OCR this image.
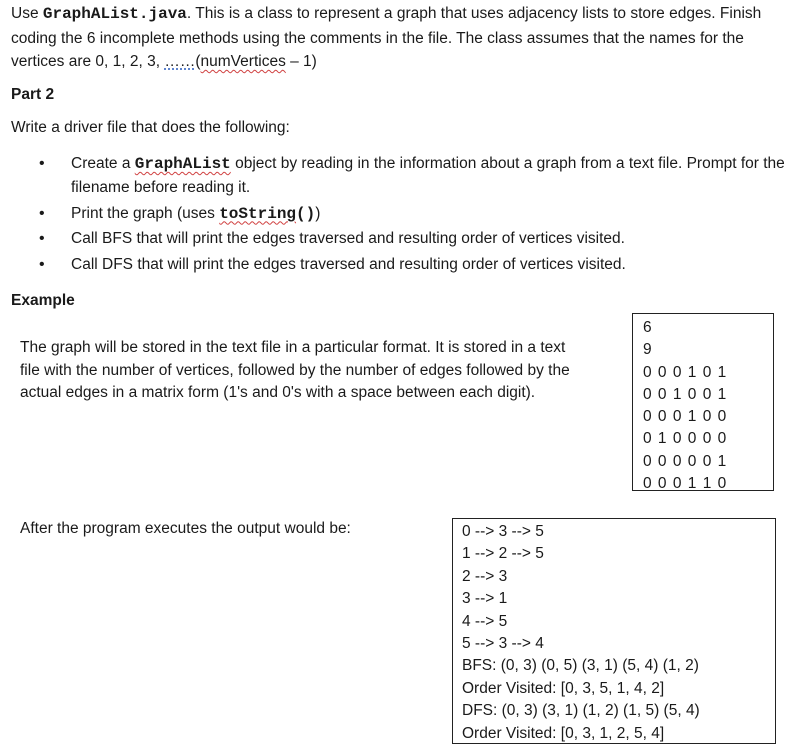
Use GraphAList.java. This is a class to represent a graph that uses adjacency lists to store edges. Finish coding the 6 incomplete methods using the comments in the file. The class assumes that the names for the vertices are 0, 1, 2, 3, ……(numVertices – 1)

Part 2

Write a driver file that does the following:

• Create a GraphAList object by reading in the information about a graph from a text file. Prompt for the filename before reading it.
• Print the graph (uses toString())
• Call BFS that will print the edges traversed and resulting order of vertices visited.
• Call DFS that will print the edges traversed and resulting order of vertices visited.

Example

The graph will be stored in the text file in a particular format. It is stored in a text file with the number of vertices, followed by the number of edges followed by the actual edges in a matrix form (1's and 0's with a space between each digit).

6
9
0 0 0 1 0 1
0 0 1 0 0 1
0 0 0 1 0 0
0 1 0 0 0 0
0 0 0 0 0 1
0 0 0 1 1 0

After the program executes the output would be:	0 --> 3 --> 5
1 --> 2 --> 5
2 --> 3
3 --> 1
4 --> 5
5 --> 3 --> 4
BFS: (0, 3) (0, 5) (3, 1) (5, 4) (1, 2)
Order Visited: [0, 3, 5, 1, 4, 2]
DFS: (0, 3) (3, 1) (1, 2) (1, 5) (5, 4)
Order Visited: [0, 3, 1, 2, 5, 4]
